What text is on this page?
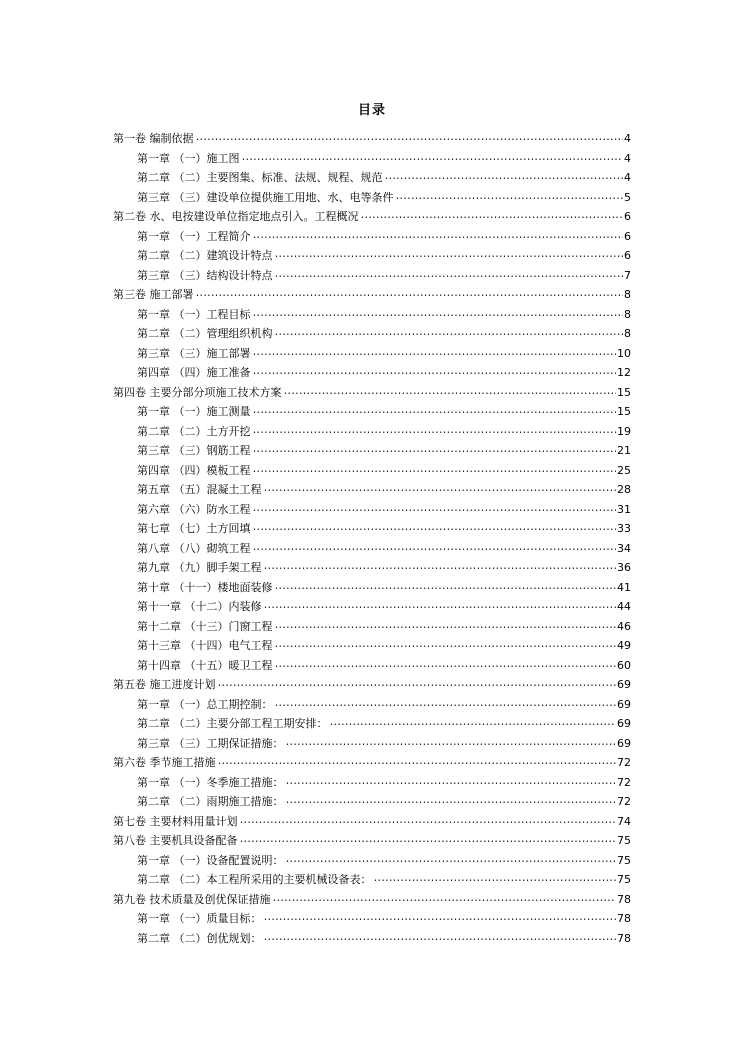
目录
第一卷 编制依据 .....	4
第一章 （一）施工图 .....	4
第二章 （二）主要图集、标准、法规、规程、规范 .....	4
第三章 （三）建设单位提供施工用地、水、电等条件 .....	5
第二卷 水、电按建设单位指定地点引入。工程概况 .....	6
第一章 （一）工程简介 .....	6
第二章 （二）建筑设计特点 .....	6
第三章 （三）结构设计特点 .....	7
第三卷 施工部署 .....	8
第一章 （一）工程目标 .....	8
第二章 （二）管理组织机构 .....	8
第三章 （三）施工部署 .....	10
第四章 （四）施工准备 .....	12
第四卷 主要分部分项施工技术方案 .....	15
第一章 （一）施工测量 .....	15
第二章 （二）土方开挖 .....	19
第三章 （三）钢筋工程 .....	21
第四章 （四）模板工程 .....	25
第五章 （五）混凝土工程 .....	28
第六章 （六）防水工程 .....	31
第七章 （七）土方回填 .....	33
第八章 （八）砌筑工程 .....	34
第九章 （九）脚手架工程 .....	36
第十章 （十一）楼地面装修 .....	41
第十一章 （十二）内装修 .....	44
第十二章 （十三）门窗工程 .....	46
第十三章 （十四）电气工程 .....	49
第十四章 （十五）暖卫工程 .....	60
第五卷 施工进度计划 .....	69
第一章 （一）总工期控制： .....	69
第二章 （二）主要分部工程工期安排： .....	69
第三章 （三）工期保证措施： .....	69
第六卷 季节施工措施 .....	72
第一章 （一）冬季施工措施： .....	72
第二章 （二）雨期施工措施： .....	72
第七卷 主要材料用量计划 .....	74
第八卷 主要机具设备配备 .....	75
第一章 （一）设备配置说明： .....	75
第二章 （二）本工程所采用的主要机械设备表： .....	75
第九卷 技术质量及创优保证措施 .....	78
第一章 （一）质量目标： .....	78
第二章 （二）创优规划： .....	78
